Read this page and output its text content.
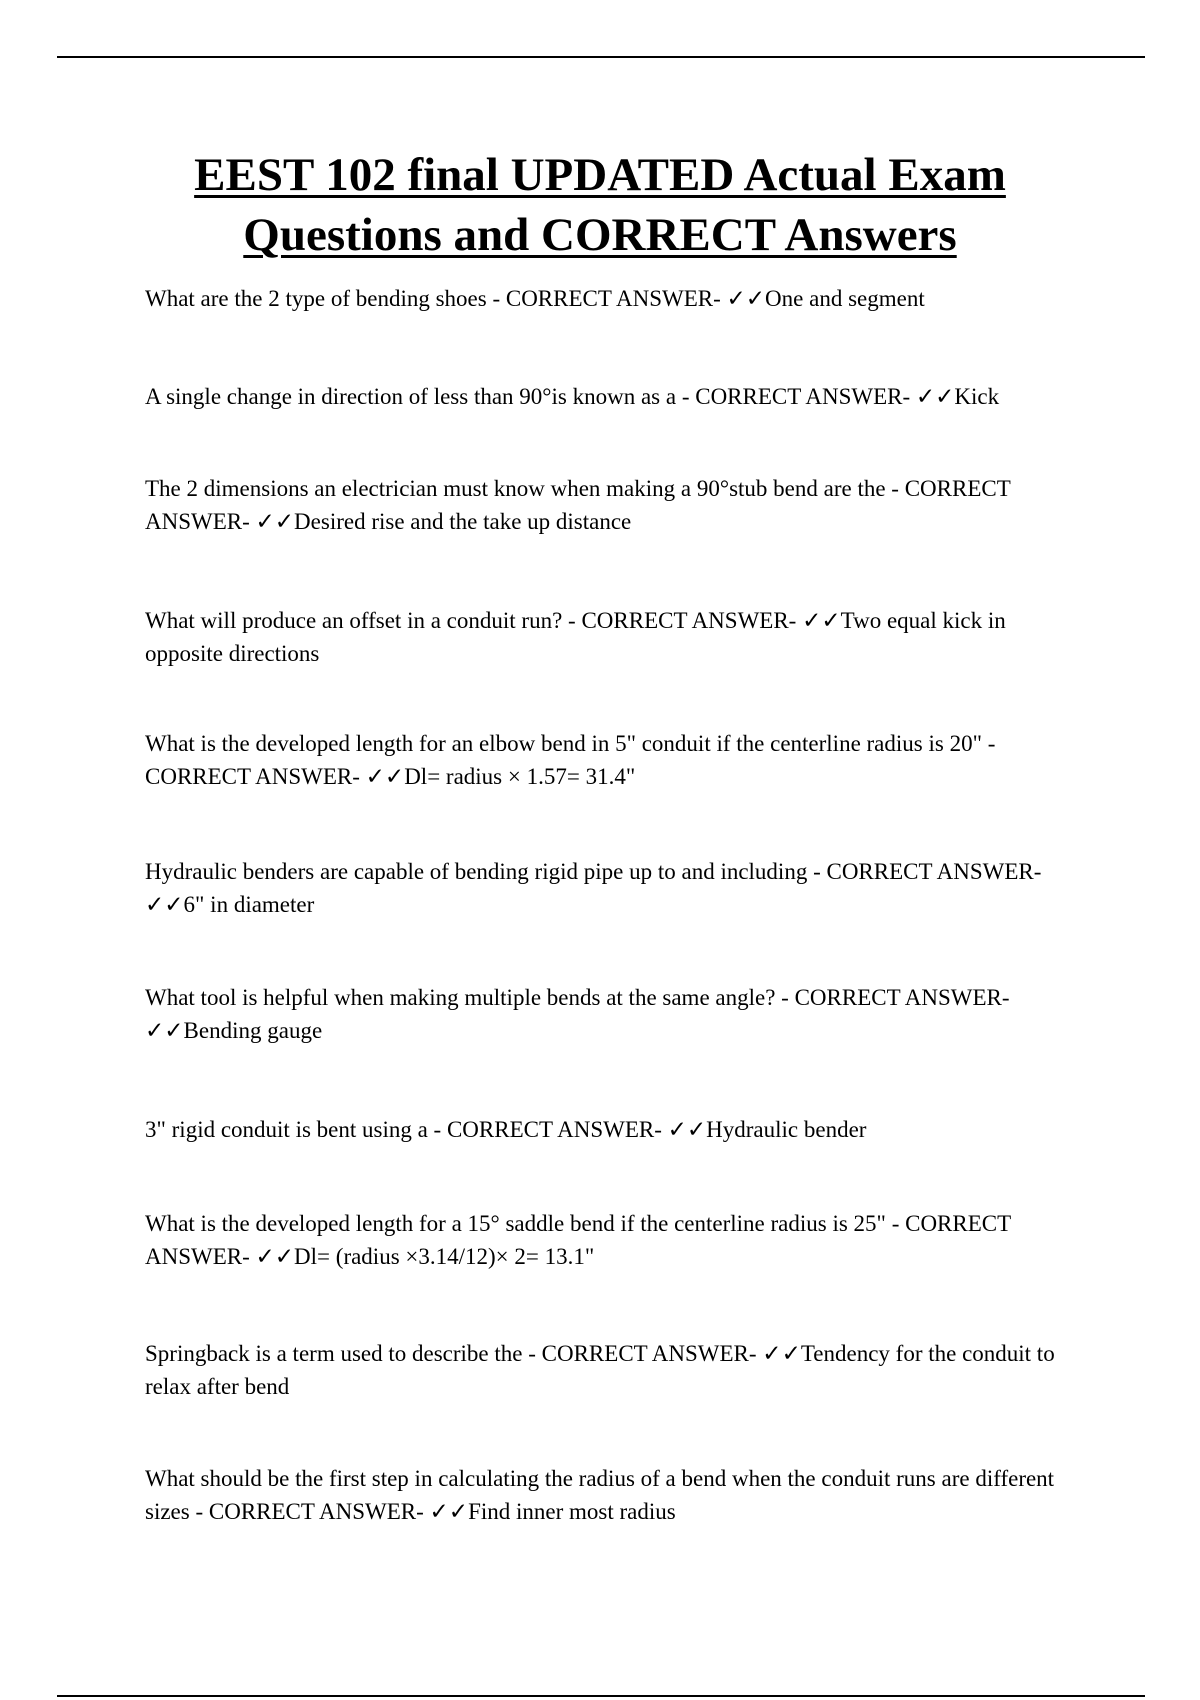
EEST 102 final UPDATED Actual Exam
Questions and CORRECT Answers

What are the 2 type of bending shoes - CORRECT ANSWER- ✓✓One and segment

A single change in direction of less than 90°is known as a - CORRECT ANSWER- ✓✓Kick

The 2 dimensions an electrician must know when making a 90°stub bend are the - CORRECT ANSWER- ✓✓Desired rise and the take up distance

What will produce an offset in a conduit run? - CORRECT ANSWER- ✓✓Two equal kick in opposite directions

What is the developed length for an elbow bend in 5" conduit if the centerline radius is 20" - CORRECT ANSWER- ✓✓Dl= radius × 1.57= 31.4"

Hydraulic benders are capable of bending rigid pipe up to and including - CORRECT ANSWER- ✓✓6" in diameter

What tool is helpful when making multiple bends at the same angle? - CORRECT ANSWER- ✓✓Bending gauge

3" rigid conduit is bent using a - CORRECT ANSWER- ✓✓Hydraulic bender

What is the developed length for a 15° saddle bend if the centerline radius is 25" - CORRECT ANSWER- ✓✓Dl= (radius ×3.14/12)× 2= 13.1"

Springback is a term used to describe the - CORRECT ANSWER- ✓✓Tendency for the conduit to relax after bend

What should be the first step in calculating the radius of a bend when the conduit runs are different sizes - CORRECT ANSWER- ✓✓Find inner most radius
